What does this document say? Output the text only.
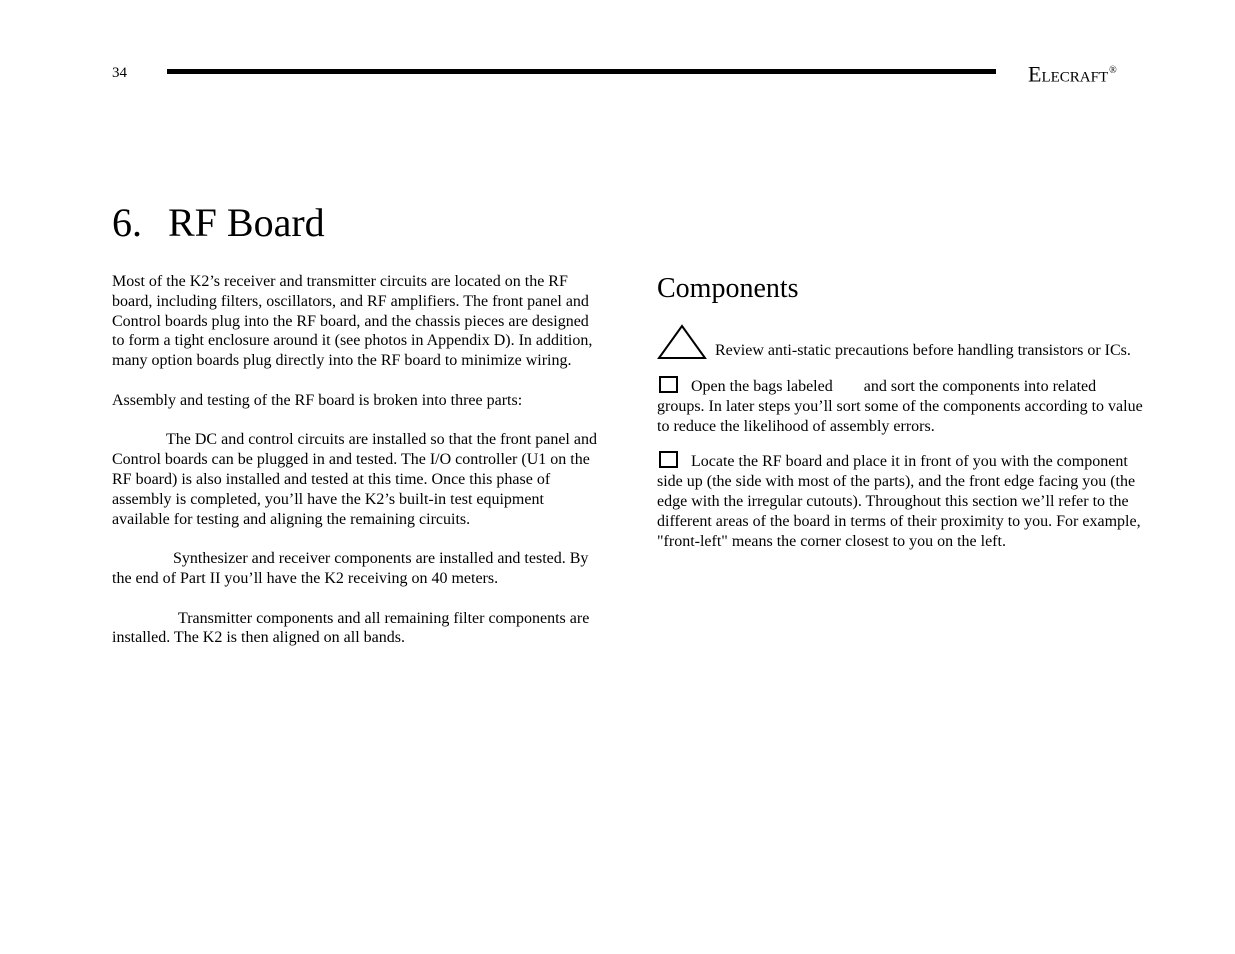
34	Elecraft®
6. RF Board

Most of the K2’s receiver and transmitter circuits are located on the RF board, including filters, oscillators, and RF amplifiers. The front panel and Control boards plug into the RF board, and the chassis pieces are designed to form a tight enclosure around it (see photos in Appendix D). In addition, many option boards plug directly into the RF board to minimize wiring.

Assembly and testing of the RF board is broken into three parts:

The DC and control circuits are installed so that the front panel and Control boards can be plugged in and tested. The I/O controller (U1 on the RF board) is also installed and tested at this time. Once this phase of assembly is completed, you’ll have the K2’s built-in test equipment available for testing and aligning the remaining circuits.

Synthesizer and receiver components are installed and tested. By the end of Part II you’ll have the K2 receiving on 40 meters.

Transmitter components and all remaining filter components are installed. The K2 is then aligned on all bands.

Components

Review anti-static precautions before handling transistors or ICs.

Open the bags labeled and sort the components into related groups. In later steps you’ll sort some of the components according to value to reduce the likelihood of assembly errors.

Locate the RF board and place it in front of you with the component side up (the side with most of the parts), and the front edge facing you (the edge with the irregular cutouts). Throughout this section we’ll refer to the different areas of the board in terms of their proximity to you. For example, "front-left" means the corner closest to you on the left.
